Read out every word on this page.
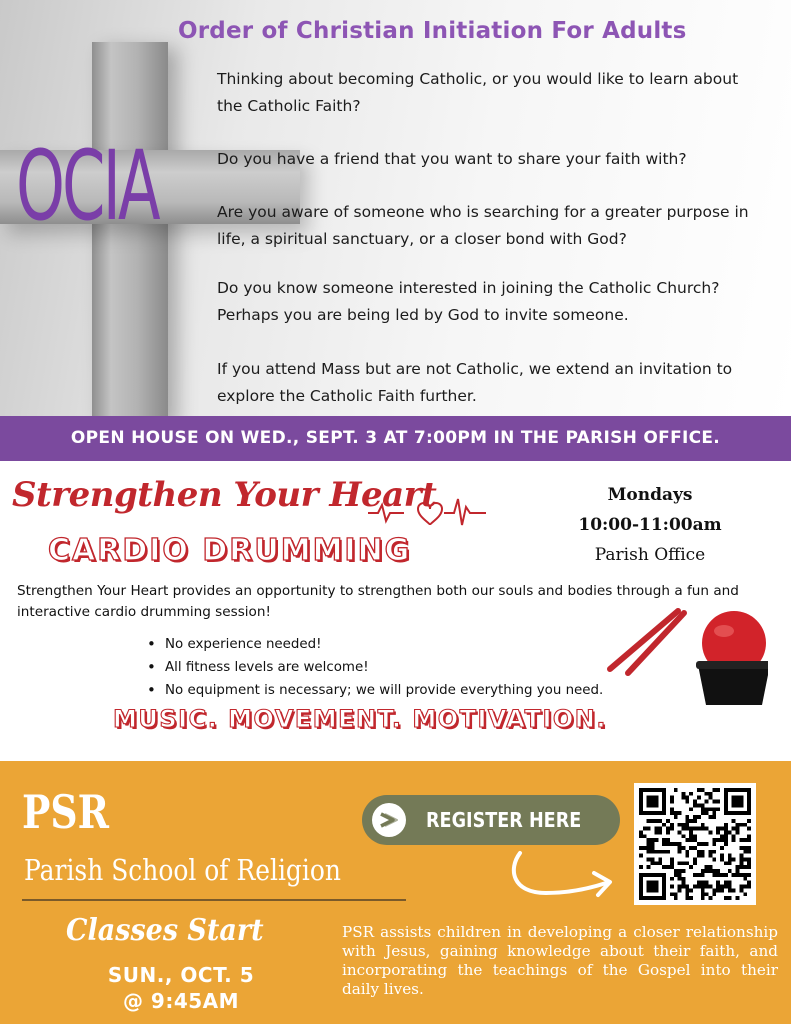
Order of Christian Initiation For Adults
OCIA

Thinking about becoming Catholic, or you would like to learn about the Catholic Faith?

Do you have a friend that you want to share your faith with?

Are you aware of someone who is searching for a greater purpose in life, a spiritual sanctuary, or a closer bond with God?

Do you know someone interested in joining the Catholic Church? Perhaps you are being led by God to invite someone.

If you attend Mass but are not Catholic, we extend an invitation to explore the Catholic Faith further.

OPEN HOUSE ON WED., SEPT. 3 AT 7:00PM IN THE PARISH OFFICE.
Strengthen Your Heart
CARDIO DRUMMING
Mondays
10:00-11:00am
Parish Office

Strengthen Your Heart provides an opportunity to strengthen both our souls and bodies through a fun and interactive cardio drumming session!

• No experience needed!
• All fitness levels are welcome!
• No equipment is necessary; we will provide everything you need.
MUSIC. MOVEMENT. MOTIVATION.
PSR
Parish School of Religion
Classes Start
SUN., OCT. 5
@ 9:45AM
REGISTER HERE

PSR assists children in developing a closer relationship with Jesus, gaining knowledge about their faith, and incorporating the teachings of the Gospel into their daily lives.
